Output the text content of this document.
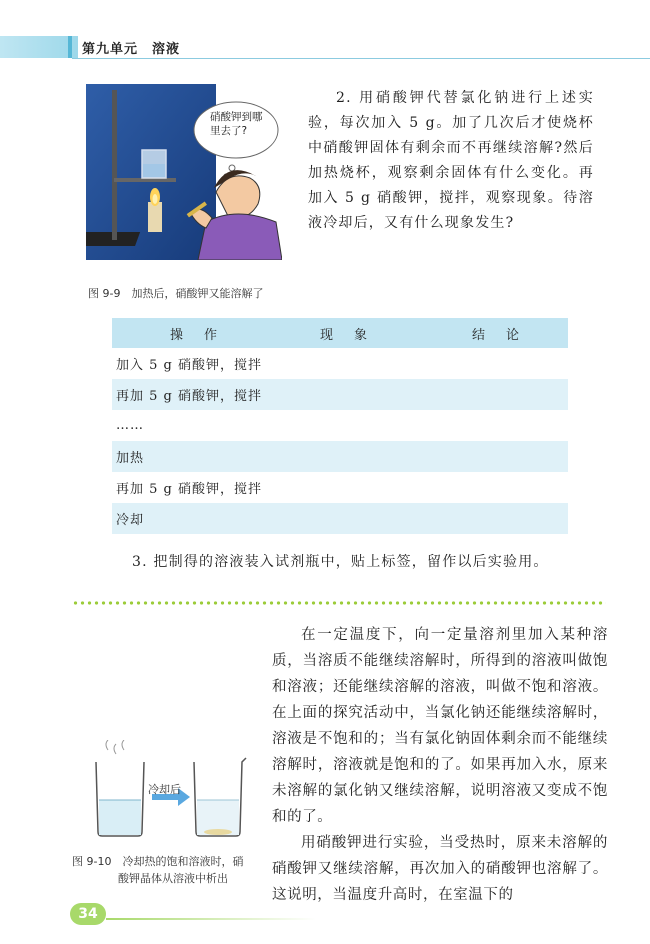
第九单元　溶液
硝酸钾到哪里去了?
图 9-9　加热后，硝酸钾又能溶解了
2. 用硝酸钾代替氯化钠进行上述实验，每次加入 5 g。加了几次后才使烧杯中硝酸钾固体有剩余而不再继续溶解?然后加热烧杯，观察剩余固体有什么变化。再加入 5 g 硝酸钾，搅拌，观察现象。待溶液冷却后，又有什么现象发生?
操　作	现　象	结　论
加入 5 g 硝酸钾，搅拌
再加 5 g 硝酸钾，搅拌
……
加热
再加 5 g 硝酸钾，搅拌
冷却
3. 把制得的溶液装入试剂瓶中，贴上标签，留作以后实验用。

在一定温度下，向一定量溶剂里加入某种溶质，当溶质不能继续溶解时，所得到的溶液叫做饱和溶液；还能继续溶解的溶液，叫做不饱和溶液。在上面的探究活动中，当氯化钠还能继续溶解时，溶液是不饱和的；当有氯化钠固体剩余而不能继续溶解时，溶液就是饱和的了。如果再加入水，原来未溶解的氯化钠又继续溶解，说明溶液又变成不饱和的了。

用硝酸钾进行实验，当受热时，原来未溶解的硝酸钾又继续溶解，再次加入的硝酸钾也溶解了。这说明，当温度升高时，在室温下的

冷却后
图 9-10　冷却热的饱和溶液时，硝
酸钾晶体从溶液中析出
34
